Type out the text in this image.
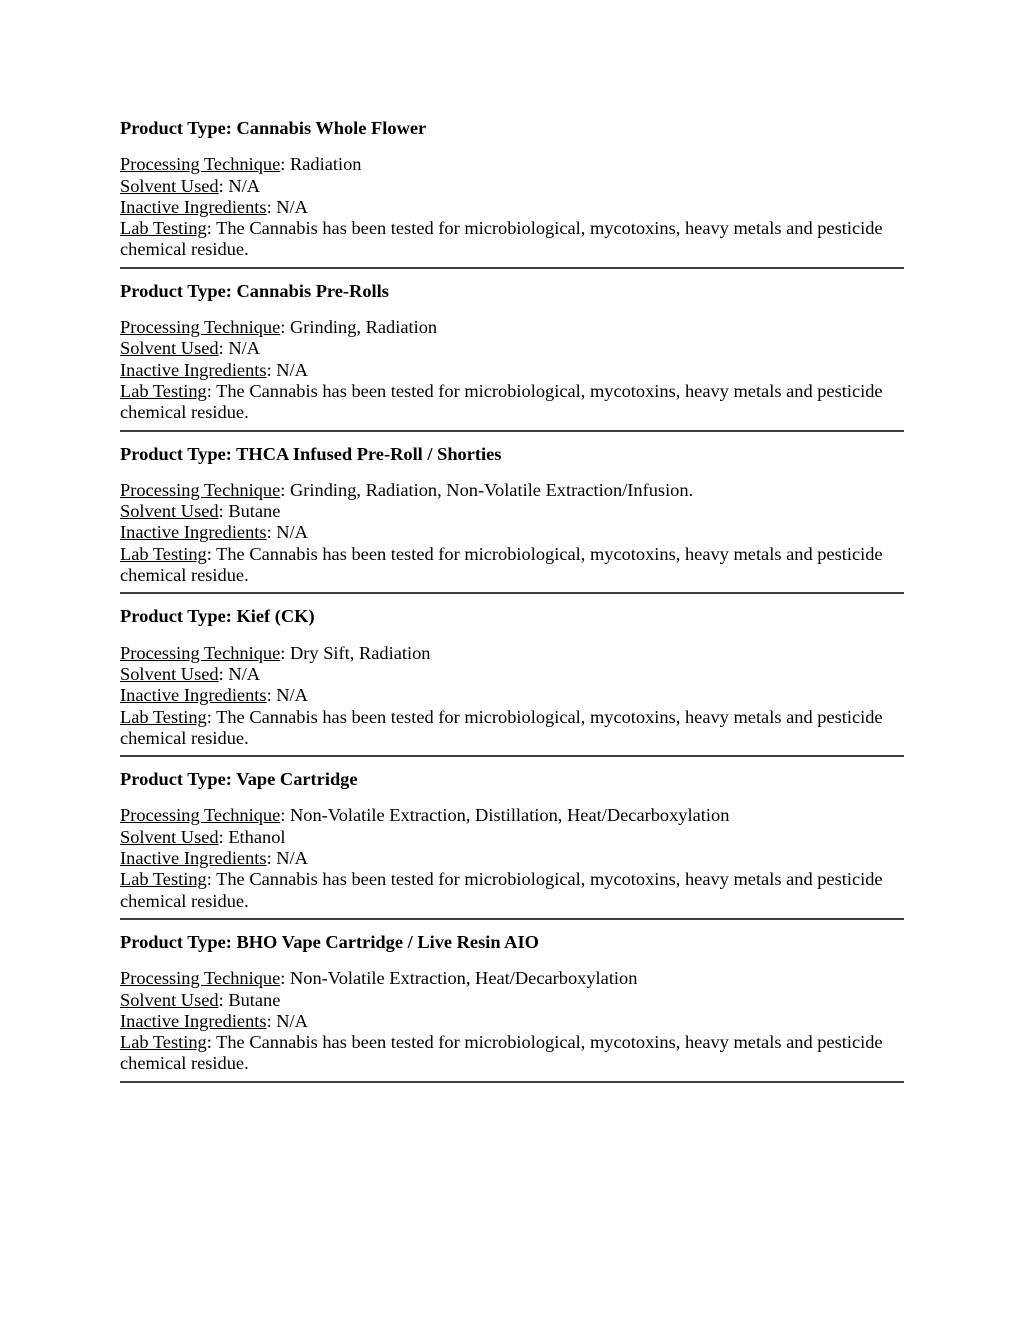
Product Type: Cannabis Whole Flower

Processing Technique: Radiation
Solvent Used: N/A
Inactive Ingredients: N/A
Lab Testing: The Cannabis has been tested for microbiological, mycotoxins, heavy metals and pesticide chemical residue.

Product Type: Cannabis Pre-Rolls

Processing Technique: Grinding, Radiation
Solvent Used: N/A
Inactive Ingredients: N/A
Lab Testing: The Cannabis has been tested for microbiological, mycotoxins, heavy metals and pesticide chemical residue.

Product Type: THCA Infused Pre-Roll / Shorties

Processing Technique: Grinding, Radiation, Non-Volatile Extraction/Infusion.
Solvent Used: Butane
Inactive Ingredients: N/A
Lab Testing: The Cannabis has been tested for microbiological, mycotoxins, heavy metals and pesticide chemical residue.

Product Type: Kief (CK)

Processing Technique: Dry Sift, Radiation
Solvent Used: N/A
Inactive Ingredients: N/A
Lab Testing: The Cannabis has been tested for microbiological, mycotoxins, heavy metals and pesticide chemical residue.

Product Type: Vape Cartridge

Processing Technique: Non-Volatile Extraction, Distillation, Heat/Decarboxylation
Solvent Used: Ethanol
Inactive Ingredients: N/A
Lab Testing: The Cannabis has been tested for microbiological, mycotoxins, heavy metals and pesticide chemical residue.

Product Type: BHO Vape Cartridge / Live Resin AIO

Processing Technique: Non-Volatile Extraction, Heat/Decarboxylation
Solvent Used: Butane
Inactive Ingredients: N/A
Lab Testing: The Cannabis has been tested for microbiological, mycotoxins, heavy metals and pesticide chemical residue.
